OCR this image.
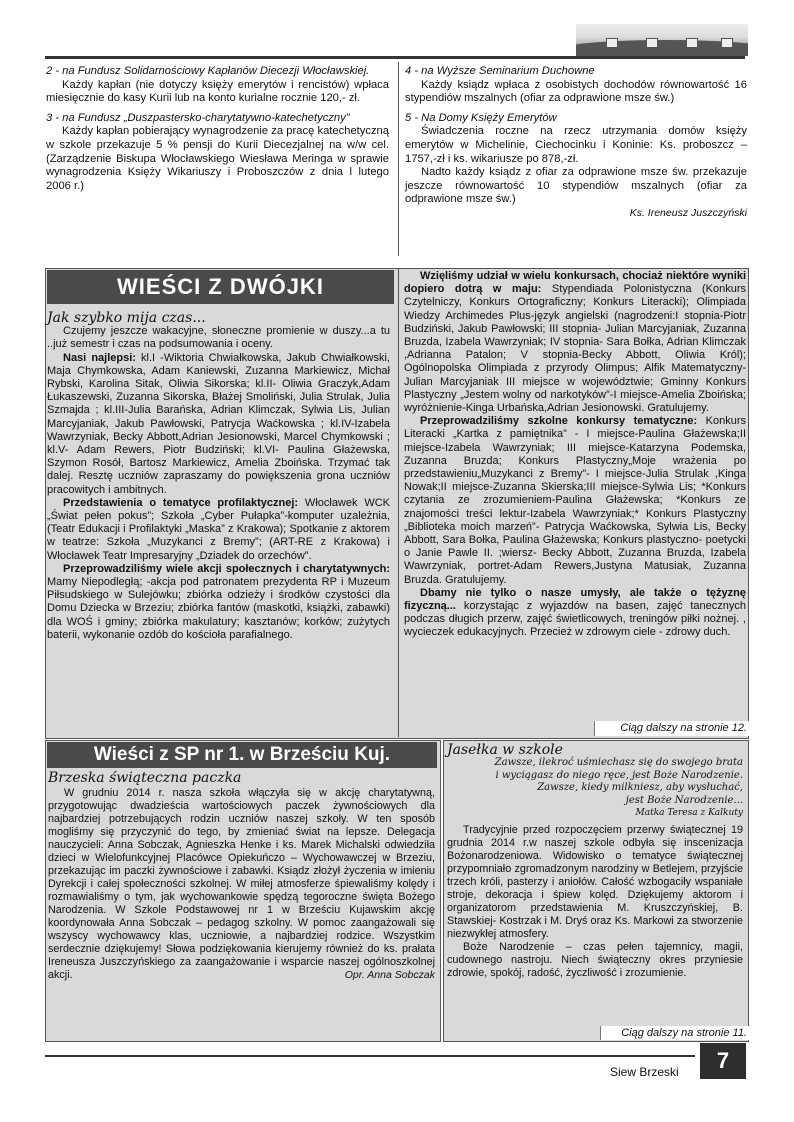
2 - na Fundusz Solidarnościowy Kapłanów Diecezji Włocławskiej.

Każdy kapłan (nie dotyczy księży emerytów i rencistów) wpłaca miesięcznie do kasy Kurii lub na konto kurialne rocznie 120,- zł.

3 - na Fundusz „Duszpastersko-charytatywno-katechetyczny”

Każdy kapłan pobierający wynagrodzenie za pracę katechetyczną w szkole przekazuje 5 % pensji do Kurii Diecezjalnej na w/w cel. (Zarządzenie Biskupa Włocławskiego Wiesława Meringa w sprawie wynagrodzenia Księży Wikariuszy i Proboszczów z dnia l lutego 2006 r.)

4 - na Wyższe Seminarium Duchowne

Każdy ksiądz wpłaca z osobistych dochodów równowartość 16 stypendiów mszalnych (ofiar za odprawione msze św.)

5 - Na Domy Księży Emerytów

Świadczenia roczne na rzecz utrzymania domów księży emerytów w Michelinie, Ciechocinku i Koninie: Ks. proboszcz – 1757,-zł i ks. wikariusze po 878,-zł.

Nadto każdy ksiądz z ofiar za odprawione msze św. przekazuje jeszcze równowartość 10 stypendiów mszalnych (ofiar za odprawione msze św.)

Ks. Ireneusz Juszczyński

WIEŚCI Z DWÓJKI

Jak szybko mija czas...

Czujemy jeszcze wakacyjne, słoneczne promienie w duszy...a tu ..już semestr i czas na podsumowania i oceny.

Nasi najlepsi: kl.I -Wiktoria Chwiałkowska, Jakub Chwiałkowski, Maja Chymkowska, Adam Kaniewski, Zuzanna Markiewicz, Michał Rybski, Karolina Sitak, Oliwia Sikorska; kl.II- Oliwia Graczyk,Adam Łukaszewski, Zuzanna Sikorska, Błażej Smoliński, Julia Strulak, Julia Szmajda ; kl.III-Julia Barańska, Adrian Klimczak, Sylwia Lis, Julian Marcyjaniak, Jakub Pawłowski, Patrycja Waćkowska ; kl.IV-Izabela Wawrzyniak, Becky Abbott,Adrian Jesionowski, Marcel Chymkowski ; kl.V- Adam Rewers, Piotr Budziński; kl.VI- Paulina Głażewska, Szymon Rosół, Bartosz Markiewicz, Amelia Zboińska. Trzymać tak dalej. Resztę uczniów zapraszamy do powiększenia grona uczniów pracowitych i ambitnych.

Przedstawienia o tematyce profilaktycznej: Włocławek WCK „Świat pełen pokus”; Szkoła „Cyber Pułapka”-komputer uzależnia, (Teatr Edukacji i Profilaktyki „Maska” z Krakowa); Spotkanie z aktorem w teatrze: Szkoła „Muzykanci z Bremy”; (ART-RE z Krakowa) i Włocławek Teatr Impresaryjny „Dziadek do orzechów”.

Przeprowadziliśmy wiele akcji społecznych i charytatywnych: Mamy Niepodległą; -akcja pod patronatem prezydenta RP i Muzeum Piłsudskiego w Sulejówku; zbiórka odzieży i środków czystości dla Domu Dziecka w Brzeziu; zbiórka fantów (maskotki, książki, zabawki) dla WOŚ i gminy; zbiórka makulatury; kasztanów; korków; zużytych baterii, wykonanie ozdób do kościoła parafialnego.

Wzięliśmy udział w wielu konkursach, chociaż niektóre wyniki dopiero dotrą w maju: Stypendiada Polonistyczna (Konkurs Czytelniczy, Konkurs Ortograficzny; Konkurs Literacki); Olimpiada Wiedzy Archimedes Plus-język angielski (nagrodzeni:I stopnia-Piotr Budziński, Jakub Pawłowski; III stopnia- Julian Marcyjaniak, Zuzanna Bruzda, Izabela Wawrzyniak; IV stopnia- Sara Bołka, Adrian Klimczak ,Adrianna Patalon; V stopnia-Becky Abbott, Oliwia Król); Ogólnopolska Olimpiada z przyrody Olimpus; Alfik Matematyczny-Julian Marcyjaniak III miejsce w województwie; Gminny Konkurs Plastyczny „Jestem wolny od narkotyków”-I miejsce-Amelia Zboińska; wyróżnienie-Kinga Urbańska,Adrian Jesionowski. Gratulujemy.

Przeprowadziliśmy szkolne konkursy tematyczne: Konkurs Literacki „Kartka z pamiętnika” - I miejsce-Paulina Głażewska;II miejsce-Izabela Wawrzyniak; III miejsce-Katarzyna Podemska, Zuzanna Bruzda; Konkurs Plastyczny„Moje wrażenia po przedstawieniu„Muzykanci z Bremy”- I miejsce-Julia Strulak ,Kinga Nowak;II miejsce-Zuzanna Skierska;III miejsce-Sylwia Lis; *Konkurs czytania ze zrozumieniem-Paulina Głażewska; *Konkurs ze znajomości treści lektur-Izabela Wawrzyniak;* Konkurs Plastyczny „Biblioteka moich marzeń”- Patrycja Waćkowska, Sylwia Lis, Becky Abbott, Sara Bołka, Paulina Głażewska; Konkurs plastyczno- poetycki o Janie Pawle II. ;wiersz- Becky Abbott, Zuzanna Bruzda, Izabela Wawrzyniak, portret-Adam Rewers,Justyna Matusiak, Zuzanna Bruzda. Gratulujemy.

Dbamy nie tylko o nasze umysły, ale także o tężyznę fizyczną... korzystając z wyjazdów na basen, zajęć tanecznych podczas długich przerw, zajęć świetlicowych, treningów piłki nożnej. , wycieczek edukacyjnych. Przecież w zdrowym ciele - zdrowy duch.

Ciąg dalszy na stronie 12.
Wieści z SP nr 1. w Brześciu Kuj.

Brzeska świąteczna paczka

W grudniu 2014 r. nasza szkoła włączyła się w akcję charytatywną, przygotowując dwadzieścia wartościowych paczek żywnościowych dla najbardziej potrzebujących rodzin uczniów naszej szkoły. W ten sposób mogliśmy się przyczynić do tego, by zmieniać świat na lepsze. Delegacja nauczycieli: Anna Sobczak, Agnieszka Henke i ks. Marek Michalski odwiedziła dzieci w Wielofunkcyjnej Placówce Opiekuńczo – Wychowawczej w Brzeziu, przekazując im paczki żywnościowe i zabawki. Ksiądz złożył życzenia w imieniu Dyrekcji i całej społeczności szkolnej. W miłej atmosferze śpiewaliśmy kolędy i rozmawialiśmy o tym, jak wychowankowie spędzą tegoroczne święta Bożego Narodzenia. W Szkole Podstawowej nr 1 w Brześciu Kujawskim akcję koordynowała Anna Sobczak – pedagog szkolny. W pomoc zaangażowali się wszyscy wychowawcy klas, uczniowie, a najbardziej rodzice. Wszystkim serdecznie dziękujemy! Słowa podziękowania kierujemy również do ks. prałata Ireneusza Juszczyńskiego za zaangażowanie i wsparcie naszej ogólnoszkolnej akcji.	Opr. Anna Sobczak

Jasełka w szkole

Zawsze, ilekroć uśmiechasz się do swojego brata
i wyciągasz do niego ręce, jest Boże Narodzenie.
Zawsze, kiedy milkniesz, aby wysłuchać,
jest Boże Narodzenie...
Matka Teresa z Kalkuty

Tradycyjnie przed rozpoczęciem przerwy świątecznej 19 grudnia 2014 r.w naszej szkole odbyła się inscenizacja Bożonarodzeniowa. Widowisko o tematyce świątecznej przypomniało zgromadzonym narodziny w Betlejem, przyjście trzech króli, pasterzy i aniołów. Całość wzbogaciły wspaniałe stroje, dekoracja i śpiew kolęd. Dziękujemy aktorom i organizatorom przedstawienia M. Kruszczyńskiej, B. Stawskiej- Kostrzak i M. Dryś oraz Ks. Markowi za stworzenie niezwykłej atmosfery.

Boże Narodzenie – czas pełen tajemnicy, magii, cudownego nastroju. Niech świąteczny okres przyniesie zdrowie, spokój, radość, życzliwość i zrozumienie.

Ciąg dalszy na stronie 11.
Siew Brzeski	7
